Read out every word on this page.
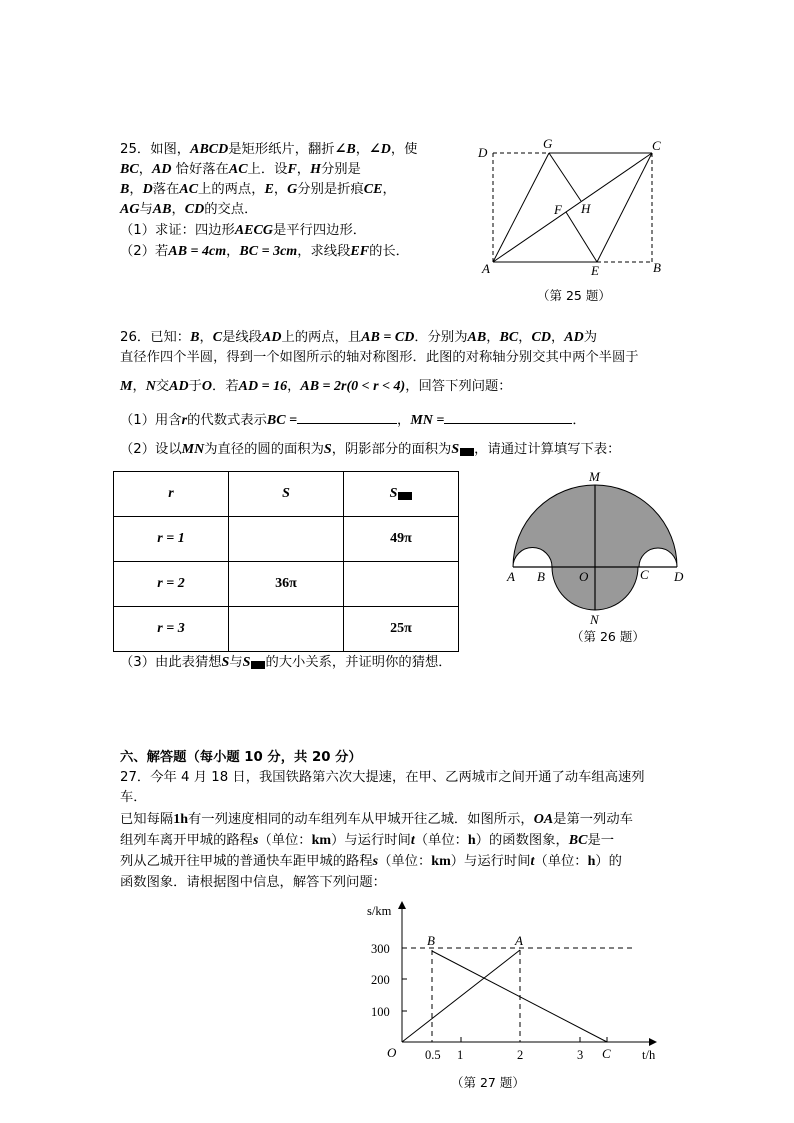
25．如图，ABCD是矩形纸片，翻折∠B，∠D，使
BC，AD 恰好落在AC上．设F，H分别是
B，D落在AC上的两点，E，G分别是折痕CE，
AG与AB，CD的交点．
（1）求证：四边形AECG是平行四边形．
（2）若AB = 4cm，BC = 3cm，求线段EF的长．
D
G	C
F H
A	E	B
（第 25 题）
26．已知：B，C是线段AD上的两点，且AB = CD．分别为AB，BC，CD，AD为
直径作四个半圆，得到一个如图所示的轴对称图形．此图的对称轴分别交其中两个半圆于
M，N交AD于O．若AD = 16，AB = 2r(0 < r < 4)，回答下列问题：
（1）用含r的代数式表示BC =	，MN =	．
（2）设以MN为直径的圆的面积为S，阴影部分的面积为S ，请通过计算填写下表：
r	S	S
r = 1		49π
r = 2	36π	
r = 3		25π
M
A B	O	C D
N
（第 26 题）
（3）由此表猜想S与S 的大小关系，并证明你的猜想．
六、解答题（每小题 10 分，共 20 分）
27．今年 4 月 18 日，我国铁路第六次大提速，在甲、乙两城市之间开通了动车组高速列
车．
已知每隔1h有一列速度相同的动车组列车从甲城开往乙城．如图所示，OA是第一列动车
组列车离开甲城的路程s（单位：km）与运行时间t（单位：h）的函数图象，BC是一
列从乙城开往甲城的普通快车距甲城的路程s（单位：km）与运行时间t（单位：h）的
函数图象．请根据图中信息，解答下列问题：
s/km
300
200
100
0.5 1	2	3	t/h
O
B	A
C
（第 27 题）
